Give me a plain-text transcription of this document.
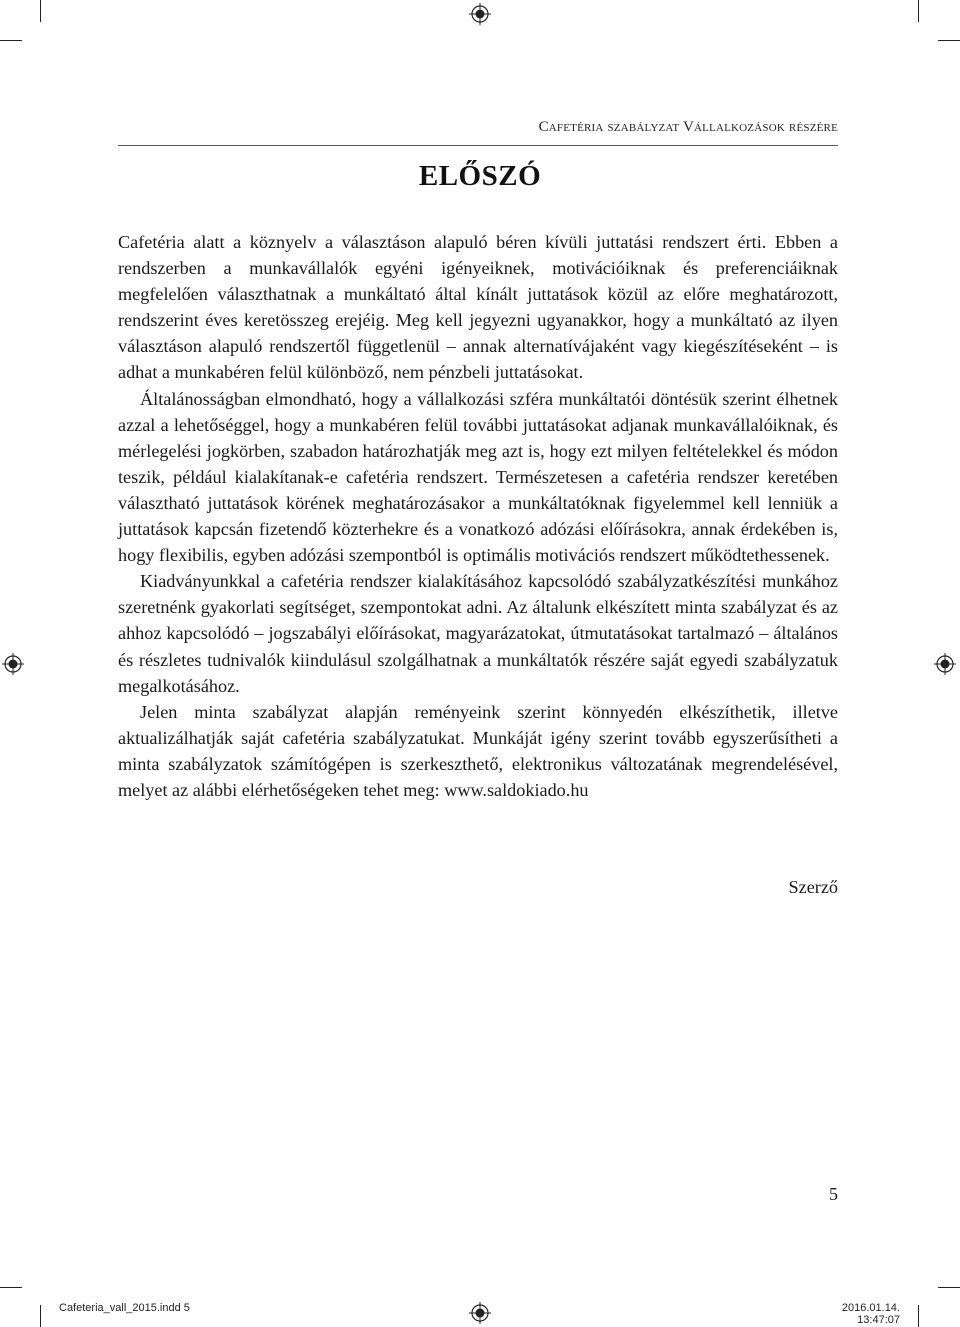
Cafetéria szabályzat Vállalkozások részére
ELŐSZÓ

Cafetéria alatt a köznyelv a választáson alapuló béren kívüli juttatási rendszert érti. Ebben a rendszerben a munkavállalók egyéni igényeiknek, motivációiknak és preferenciáiknak megfelelően választhatnak a munkáltató által kínált juttatások közül az előre meghatározott, rendszerint éves keretösszeg erejéig. Meg kell jegyezni ugyanakkor, hogy a munkáltató az ilyen választáson alapuló rendszertől függetlenül – annak alternatívájaként vagy kiegészítéseként – is adhat a munkabéren felül különböző, nem pénzbeli juttatásokat.

Általánosságban elmondható, hogy a vállalkozási szféra munkáltatói döntésük szerint élhetnek azzal a lehetőséggel, hogy a munkabéren felül további juttatásokat adjanak munkavállalóiknak, és mérlegelési jogkörben, szabadon határozhatják meg azt is, hogy ezt milyen feltételekkel és módon teszik, például kialakítanak-e cafetéria rendszert. Természetesen a cafetéria rendszer keretében választható juttatások körének meghatározásakor a munkáltatóknak figyelemmel kell lenniük a juttatások kapcsán fizetendő közterhekre és a vonatkozó adózási előírásokra, annak érdekében is, hogy flexibilis, egyben adózási szempontból is optimális motivációs rendszert működtethessenek.

Kiadványunkkal a cafetéria rendszer kialakításához kapcsolódó szabályzatkészítési munkához szeretnénk gyakorlati segítséget, szempontokat adni. Az általunk elkészített minta szabályzat és az ahhoz kapcsolódó – jogszabályi előírásokat, magyarázatokat, útmutatásokat tartalmazó – általános és részletes tudnivalók kiindulásul szolgálhatnak a munkáltatók részére saját egyedi szabályzatuk megalkotásához.

Jelen minta szabályzat alapján reményeink szerint könnyedén elkészíthetik, illetve aktualizálhatják saját cafetéria szabályzatukat. Munkáját igény szerint tovább egyszerűsítheti a minta szabályzatok számítógépen is szerkeszthető, elektronikus változatának megrendelésével, melyet az alábbi elérhetőségeken tehet meg: www.saldokiado.hu

Szerző
5
Cafeteria_vall_2015.indd 5	2016.01.14. 13:47:07
